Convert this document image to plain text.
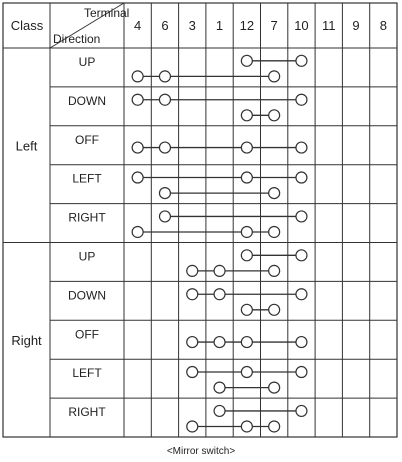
Class
Terminal
Direction
4 6 3 1 12 7 10 11 9 8
Left
UP
DOWN
OFF
LEFT
RIGHT
Right
UP
DOWN
OFF
LEFT
RIGHT
<Mirror switch>
